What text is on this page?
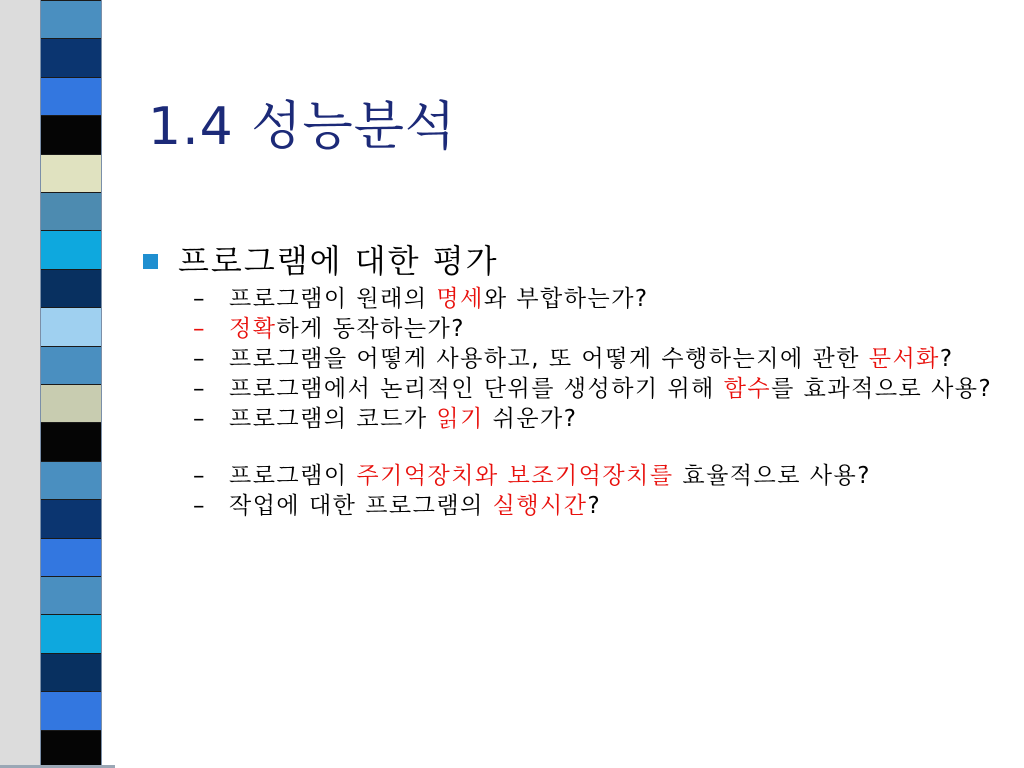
1.4 성능분석
프로그램에 대한 평가
– 프로그램이 원래의 명세와 부합하는가?
– 정확하게 동작하는가?
– 프로그램을 어떻게 사용하고, 또 어떻게 수행하는지에 관한 문서화?
– 프로그램에서 논리적인 단위를 생성하기 위해 함수를 효과적으로 사용?
– 프로그램의 코드가 읽기 쉬운가?
– 프로그램이 주기억장치와 보조기억장치를 효율적으로 사용?
– 작업에 대한 프로그램의 실행시간?
